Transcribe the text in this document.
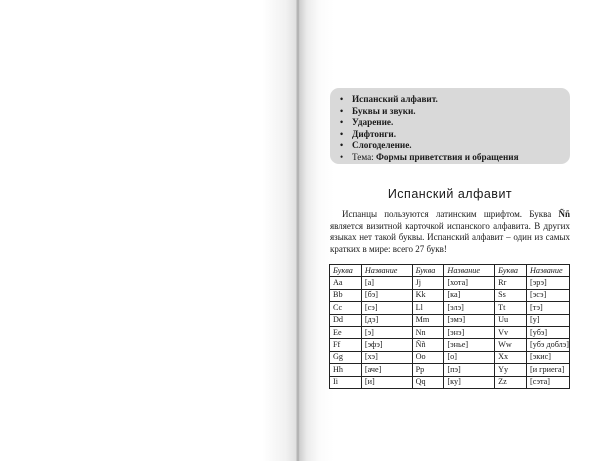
• Испанский алфавит.
• Буквы и звуки.
• Ударение.
• Дифтонги.
• Слогоделение.
• Тема: Формы приветствия и обращения
Испанский алфавит

Испанцы пользуются латинским шрифтом. Буква Ññ является визитной карточкой испанского алфавита. В других языках нет такой буквы. Испанский алфавит – один из самых кратких в мире: всего 27 букв!

Буква	Название	Буква	Название	Буква	Название
Aa	[а]	Jj	[хота]	Rr	[эрэ]
Bb	[бэ]	Kk	[ка]	Ss	[эсэ]
Cc	[сэ]	Ll	[элэ]	Tt	[тэ]
Dd	[дэ]	Mm	[эмэ]	Uu	[у]
Ee	[э]	Nn	[энэ]	Vv	[убэ]
Ff	[эфэ]	Ññ	[энье]	Ww	[убэ доблэ]
Gg	[хэ]	Oo	[о]	Xx	[экис]
Hh	[аче]	Pp	[пэ]	Yy	[и гриега]
Ii	[и]	Qq	[ку]	Zz	[сэта]
